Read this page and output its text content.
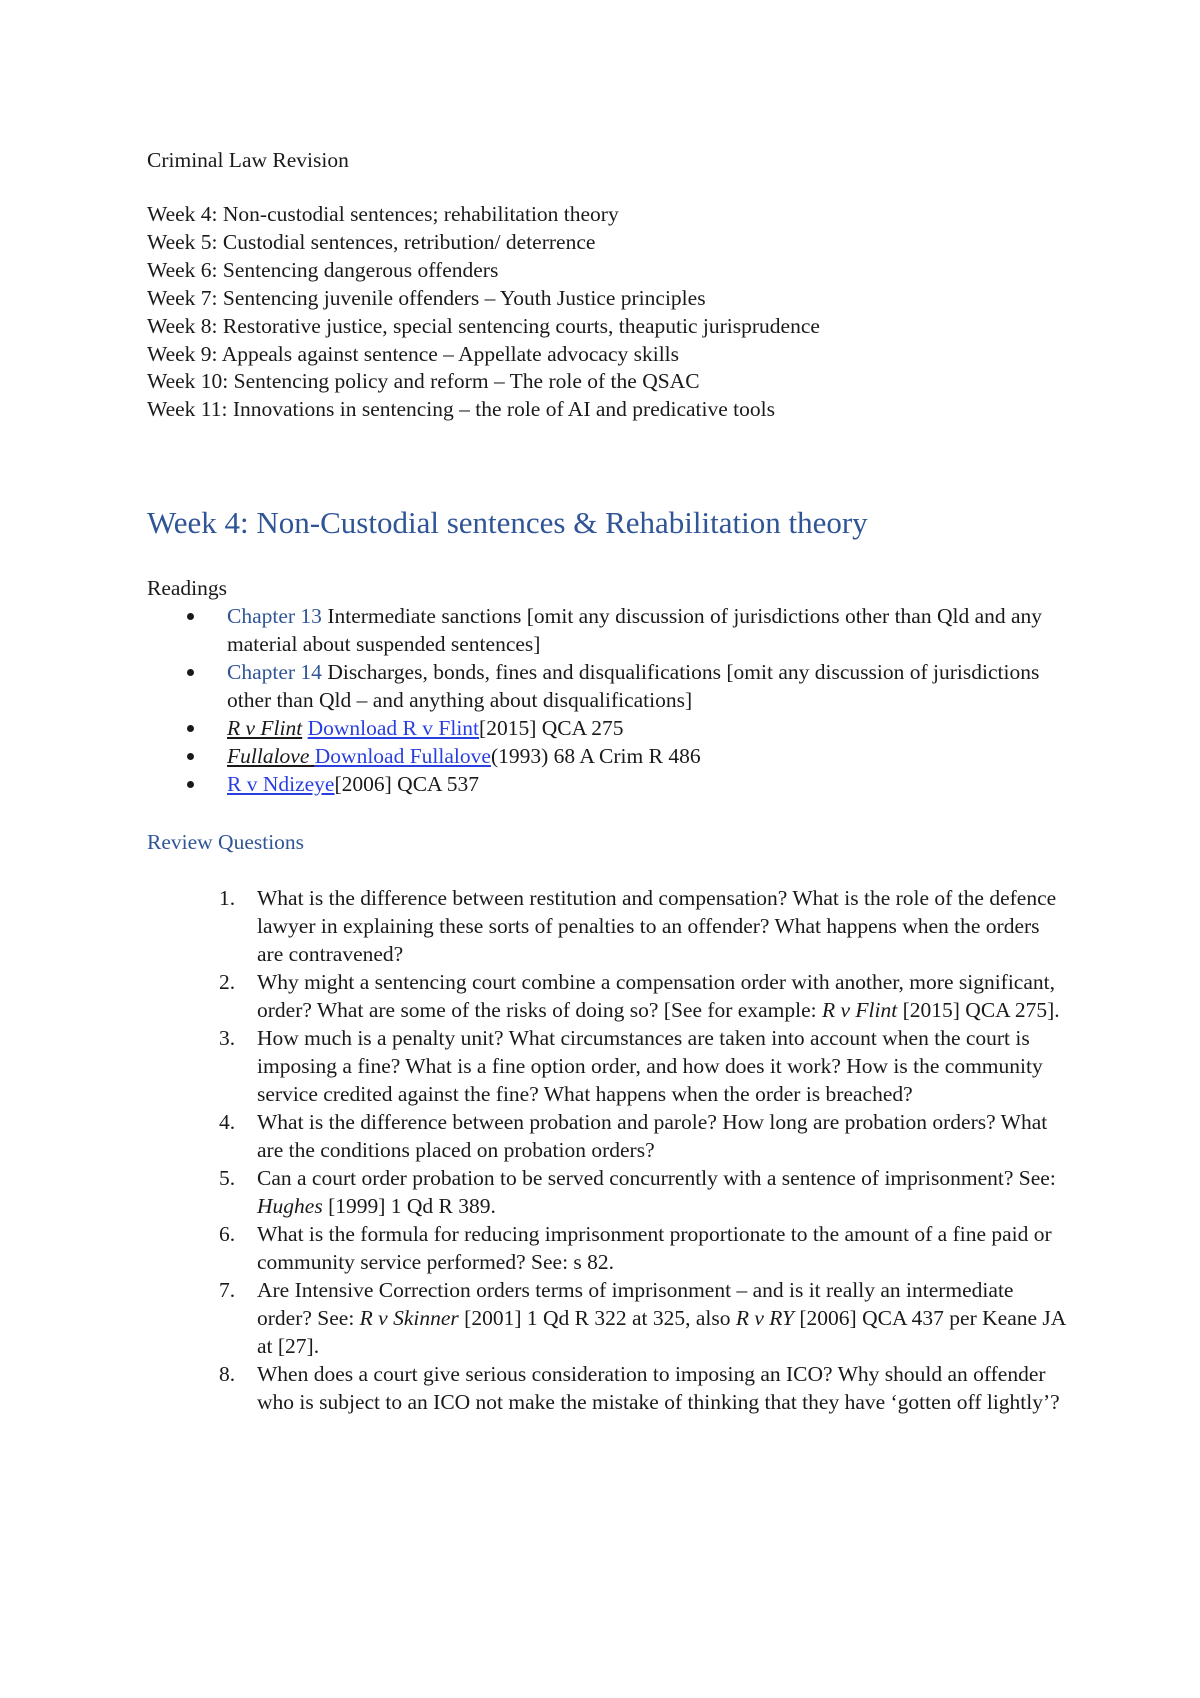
Criminal Law Revision
Week 4: Non-custodial sentences; rehabilitation theory
Week 5: Custodial sentences, retribution/ deterrence
Week 6: Sentencing dangerous offenders
Week 7: Sentencing juvenile offenders – Youth Justice principles
Week 8: Restorative justice, special sentencing courts, theaputic jurisprudence
Week 9: Appeals against sentence – Appellate advocacy skills
Week 10: Sentencing policy and reform – The role of the QSAC
Week 11: Innovations in sentencing – the role of AI and predicative tools
Week 4: Non-Custodial sentences & Rehabilitation theory
Readings
Chapter 13 Intermediate sanctions [omit any discussion of jurisdictions other than Qld and any material about suspended sentences]
Chapter 14 Discharges, bonds, fines and disqualifications [omit any discussion of jurisdictions other than Qld – and anything about disqualifications]
R v Flint Download R v Flint[2015] QCA 275
Fullalove Download Fullalove(1993) 68 A Crim R 486
R v Ndizeye[2006] QCA 537
Review Questions
1. What is the difference between restitution and compensation? What is the role of the defence lawyer in explaining these sorts of penalties to an offender? What happens when the orders are contravened?
2. Why might a sentencing court combine a compensation order with another, more significant, order? What are some of the risks of doing so? [See for example: R v Flint [2015] QCA 275].
3. How much is a penalty unit? What circumstances are taken into account when the court is imposing a fine? What is a fine option order, and how does it work? How is the community service credited against the fine? What happens when the order is breached?
4. What is the difference between probation and parole? How long are probation orders? What are the conditions placed on probation orders?
5. Can a court order probation to be served concurrently with a sentence of imprisonment? See: Hughes [1999] 1 Qd R 389.
6. What is the formula for reducing imprisonment proportionate to the amount of a fine paid or community service performed? See: s 82.
7. Are Intensive Correction orders terms of imprisonment – and is it really an intermediate order? See: R v Skinner [2001] 1 Qd R 322 at 325, also R v RY [2006] QCA 437 per Keane JA at [27].
8. When does a court give serious consideration to imposing an ICO? Why should an offender who is subject to an ICO not make the mistake of thinking that they have ‘gotten off lightly’?
